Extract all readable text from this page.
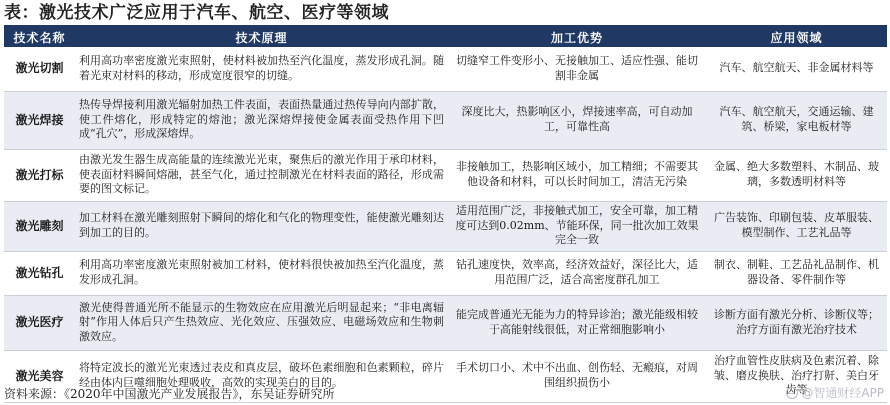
表：激光技术广泛应用于汽车、航空、医疗等领域
技术名称	技术原理	加工优势	应用领域
激光切割	利用高功率密度激光束照射，使材料被加热至汽化温度，蒸发形成孔洞。随着光束对材料的移动，形成宽度很窄的切缝。	切缝窄工件变形小、无接触加工、适应性强、能切割非金属	汽车、航空航天、非金属材料等
激光焊接	热传导焊接利用激光辐射加热工件表面，表面热量通过热传导向内部扩散，使工件熔化，形成特定的熔池；激光深熔焊接使金属表面受热作用下凹成“孔穴”，形成深熔焊。	深度比大，热影响区小，焊接速率高，可自动加工，可靠性高	汽车、航空航天，交通运输、建筑、桥梁，家电板材等
激光打标	由激光发生器生成高能量的连续激光光束，聚焦后的激光作用于承印材料，使表面材料瞬间熔融，甚至气化，通过控制激光在材料表面的路径，形成需要的图文标记。	非接触加工，热影响区域小，加工精细；不需要其他设备和材料，可以长时间加工，清洁无污染	金属、绝大多数塑料、木制品、玻璃，多数透明材料等
激光雕刻	加工材料在激光雕刻照射下瞬间的熔化和气化的物理变性，能使激光雕刻达到加工的目的。	适用范围广泛，非接触式加工，安全可靠，加工精度可达到0.02mm、节能环保，同一批次加工效果完全一致	广告装饰、印刷包装、皮革服装、模型制作、工艺礼品等
激光钻孔	利用高功率密度激光束照射被加工材料，使材料很快被加热至汽化温度，蒸发形成孔洞。	钻孔速度快，效率高，经济效益好，深径比大，适用范围广泛，适合高密度群孔加工	制衣、制鞋、工艺品礼品制作、机器设备、零件制作等
激光医疗	激光使得普通光所不能显示的生物效应在应用激光后明显起来；“非电离辐射”作用人体后只产生热效应、光化效应、压强效应、电磁场效应和生物刺激效应。	能完成普通光无能为力的特异诊治；激光能级相较于高能射线很低，对正常细胞影响小	诊断方面有激光分析、诊断仪等；治疗方面有激光治疗技术
激光美容	将特定波长的激光光束透过表皮和真皮层，破坏色素细胞和色素颗粒，碎片经由体内巨噬细胞处理吸收，高效的实现美白的目的。	手术切口小、术中不出血、创伤轻、无瘢痕，对周围组织损伤小	治疗血管性皮肤病及色素沉着、除皱、磨皮换肤、治疗打鼾、美白牙齿等
资料来源：《2020年中国激光产业发展报告》，东吴证券研究所	@智通财经APP
